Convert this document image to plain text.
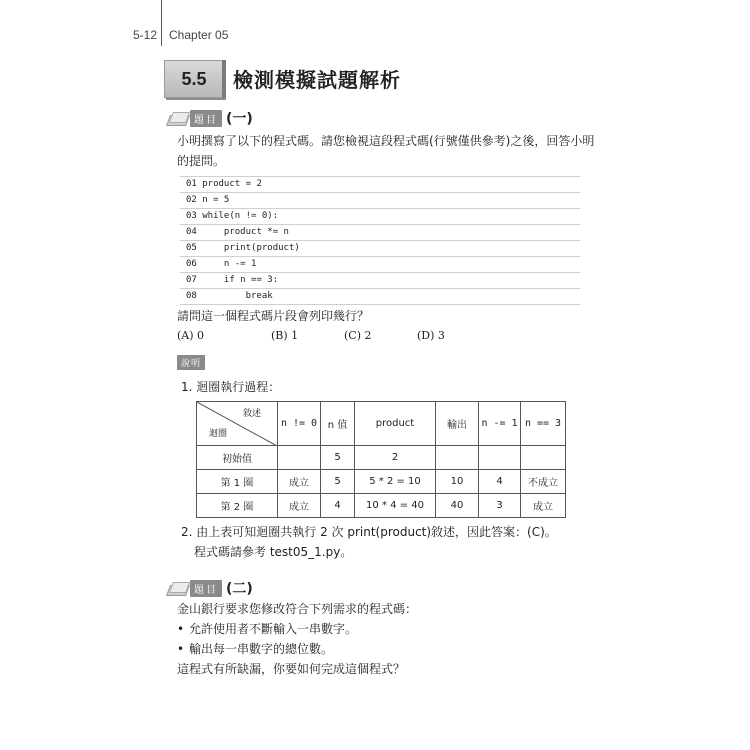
5-12 Chapter 05
5.5 檢測模擬試題解析
題目 (一)
小明撰寫了以下的程式碼。請您檢視這段程式碼(行號僅供參考)之後，回答小明
的提問。
01 product = 2
02 n = 5
03 while(n != 0):
04     product *= n
05     print(product)
06     n -= 1
07     if n == 3:
08         break
請問這一個程式碼片段會列印幾行？
(A) 0	(B) 1	(C) 2	(D) 3
說明
1. 迴圈執行過程：
敘述
迴圈	n != 0	n 值	product	輸出	n -= 1	n == 3
初始值		5	2			
第 1 圈	成立	5	5 * 2 = 10	10	4	不成立
第 2 圈	成立	4	10 * 4 = 40	40	3	成立
2. 由上表可知迴圈共執行 2 次 print(product)敘述，因此答案：(C)。
程式碼請參考 test05_1.py。
題目 (二)
金山銀行要求您修改符合下列需求的程式碼：
• 允許使用者不斷輸入一串數字。
• 輸出每一串數字的總位數。
這程式有所缺漏，你要如何完成這個程式？
